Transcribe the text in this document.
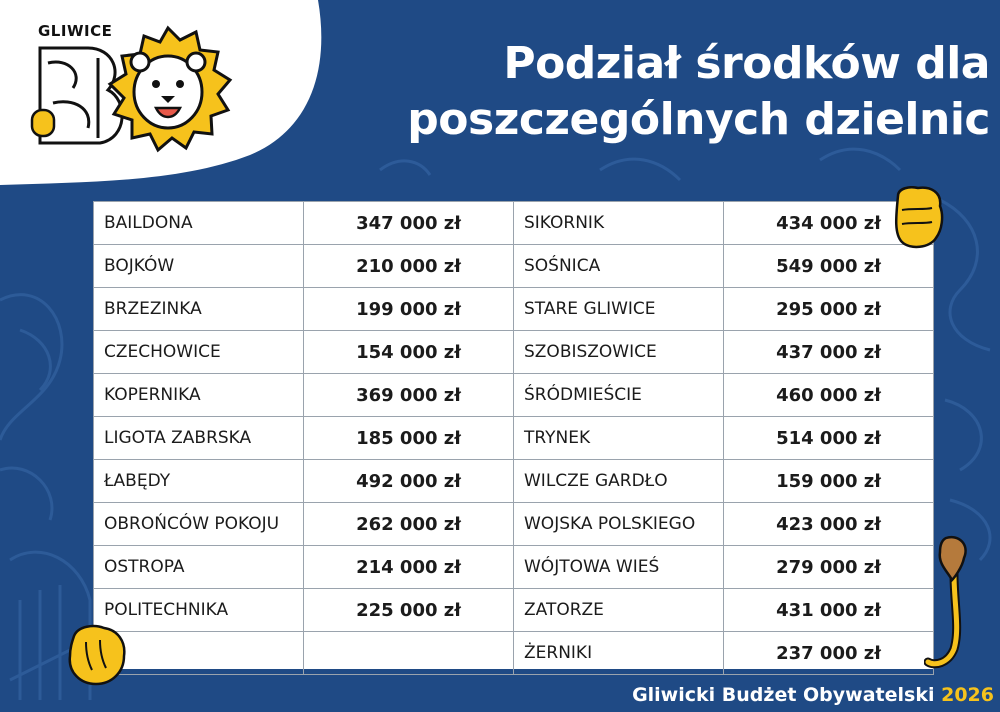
GLIWICE
Podział środków dla
poszczególnych dzielnic
BAILDONA	347 000 zł	SIKORNIK	434 000 zł
BOJKÓW	210 000 zł	SOŚNICA	549 000 zł
BRZEZINKA	199 000 zł	STARE GLIWICE	295 000 zł
CZECHOWICE	154 000 zł	SZOBISZOWICE	437 000 zł
KOPERNIKA	369 000 zł	ŚRÓDMIEŚCIE	460 000 zł
LIGOTA ZABRSKA	185 000 zł	TRYNEK	514 000 zł
ŁABĘDY	492 000 zł	WILCZE GARDŁO	159 000 zł
OBROŃCÓW POKOJU	262 000 zł	WOJSKA POLSKIEGO	423 000 zł
OSTROPA	214 000 zł	WÓJTOWA WIEŚ	279 000 zł
POLITECHNIKA	225 000 zł	ZATORZE	431 000 zł
		ŻERNIKI	237 000 zł
Gliwicki Budżet Obywatelski 2026
